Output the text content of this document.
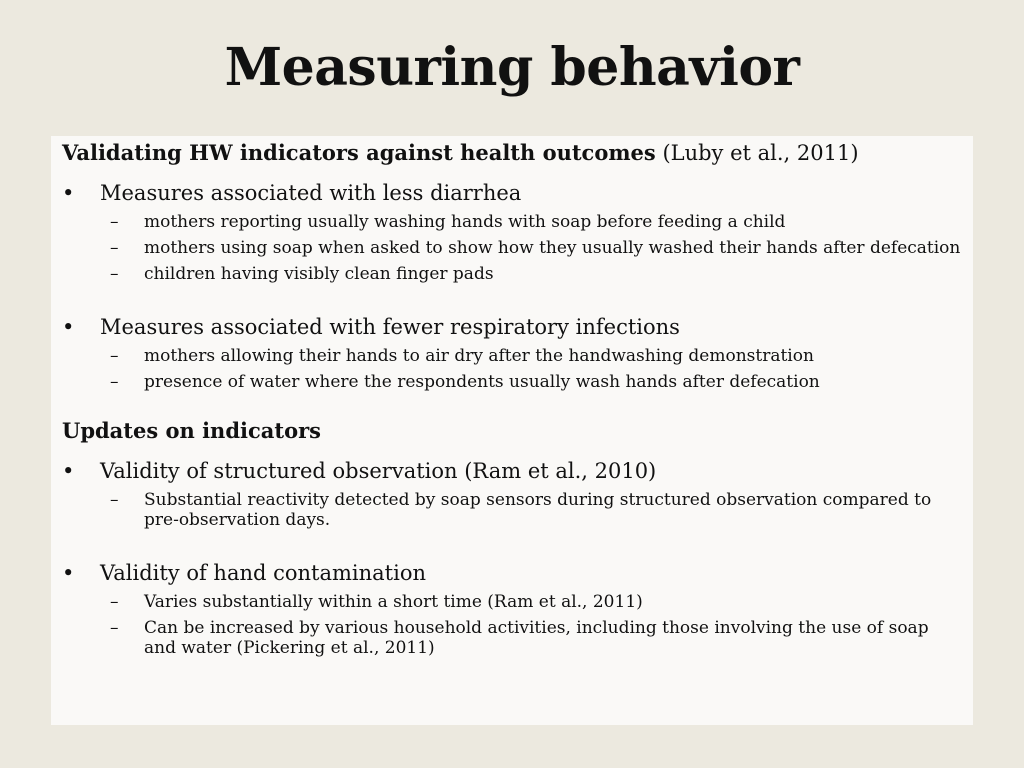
Measuring behavior

Validating HW indicators against health outcomes (Luby et al., 2011)

•	Measures associated with less diarrhea
– mothers reporting usually washing hands with soap before feeding a child
– mothers using soap when asked to show how they usually washed their hands after defecation
– children having visibly clean finger pads
•	Measures associated with fewer respiratory infections
– mothers allowing their hands to air dry after the handwashing demonstration
– presence of water where the respondents usually wash hands after defecation

Updates on indicators

•	Validity of structured observation (Ram et al., 2010)
– Substantial reactivity detected by soap sensors during structured observation compared to pre-observation days.
•	Validity of hand contamination
– Varies substantially within a short time (Ram et al., 2011)
– Can be increased by various household activities, including those involving the use of soap and water (Pickering et al., 2011)
